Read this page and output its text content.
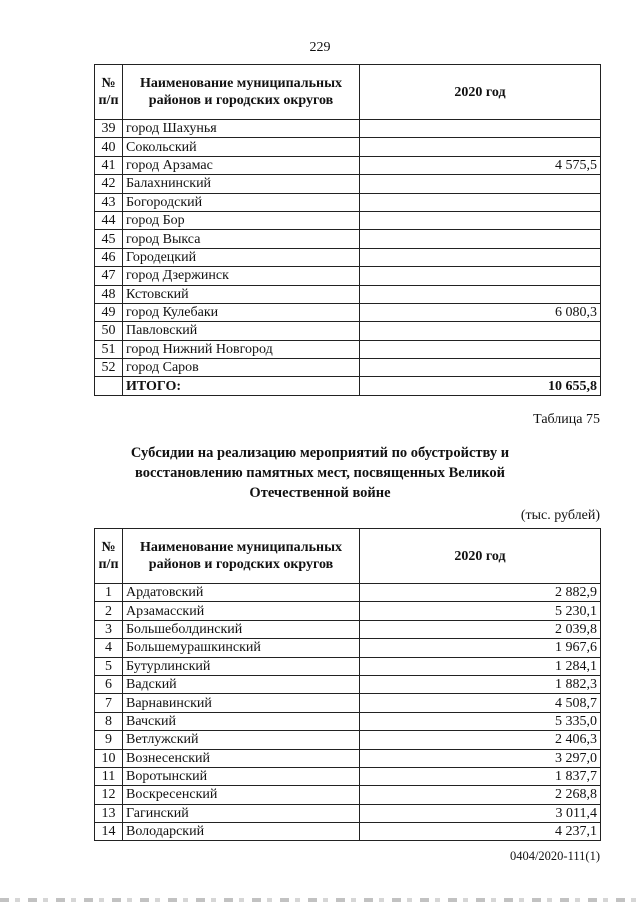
229
№ п/п	Наименование муниципальных районов и городских округов	2020 год
39	город Шахунья	
40	Сокольский	
41	город Арзамас	4 575,5
42	Балахнинский	
43	Богородский	
44	город Бор	
45	город Выкса	
46	Городецкий	
47	город Дзержинск	
48	Кстовский	
49	город Кулебаки	6 080,3
50	Павловский	
51	город Нижний Новгород	
52	город Саров	
	ИТОГО:	10 655,8
Таблица 75
Субсидии на реализацию мероприятий по обустройству и восстановлению памятных мест, посвященных Великой Отечественной войне
(тыс. рублей)
№ п/п	Наименование муниципальных районов и городских округов	2020 год
1	Ардатовский	2 882,9
2	Арзамасский	5 230,1
3	Большеболдинский	2 039,8
4	Большемурашкинский	1 967,6
5	Бутурлинский	1 284,1
6	Вадский	1 882,3
7	Варнавинский	4 508,7
8	Вачский	5 335,0
9	Ветлужский	2 406,3
10	Вознесенский	3 297,0
11	Воротынский	1 837,7
12	Воскресенский	2 268,8
13	Гагинский	3 011,4
14	Володарский	4 237,1
0404/2020-111(1)
